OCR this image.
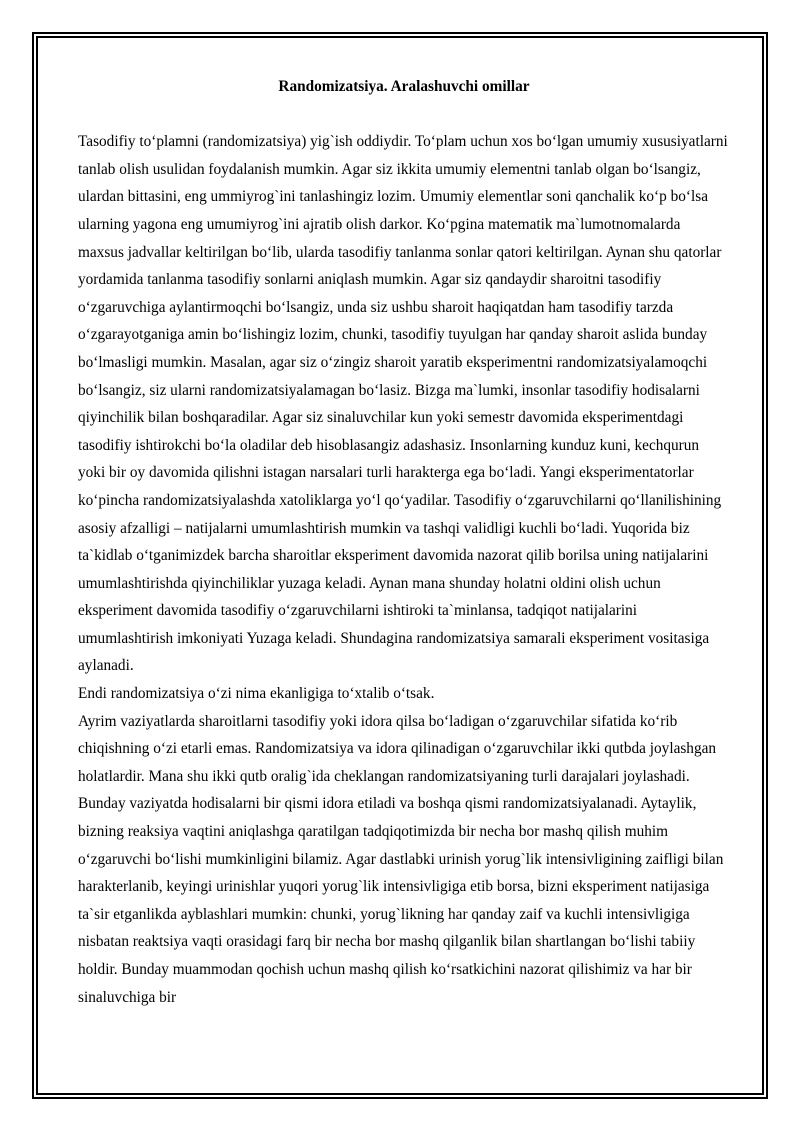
Randomizatsiya. Aralashuvchi omillar

Tasodifiy to‘plamni (randomizatsiya) yig`ish oddiydir. To‘plam uchun xos bo‘lgan umumiy xususiyatlarni tanlab olish usulidan foydalanish mumkin. Agar siz ikkita umumiy elementni tanlab olgan bo‘lsangiz, ulardan bittasini, eng ummiyrog`ini tanlashingiz lozim. Umumiy elementlar soni qanchalik ko‘p bo‘lsa ularning yagona eng umumiyrog`ini ajratib olish darkor. Ko‘pgina matematik ma`lumotnomalarda maxsus jadvallar keltirilgan bo‘lib, ularda tasodifiy tanlanma sonlar qatori keltirilgan. Aynan shu qatorlar yordamida tanlanma tasodifiy sonlarni aniqlash mumkin. Agar siz qandaydir sharoitni tasodifiy o‘zgaruvchiga aylantirmoqchi bo‘lsangiz, unda siz ushbu sharoit haqiqatdan ham tasodifiy tarzda o‘zgarayotganiga amin bo‘lishingiz lozim, chunki, tasodifiy tuyulgan har qanday sharoit aslida bunday bo‘lmasligi mumkin. Masalan, agar siz o‘zingiz sharoit yaratib eksperimentni randomizatsiyalamoqchi bo‘lsangiz, siz ularni randomizatsiyalamagan bo‘lasiz. Bizga ma`lumki, insonlar tasodifiy hodisalarni qiyinchilik bilan boshqaradilar. Agar siz sinaluvchilar kun yoki semestr davomida eksperimentdagi tasodifiy ishtirokchi bo‘la oladilar deb hisoblasangiz adashasiz. Insonlarning kunduz kuni, kechqurun yoki bir oy davomida qilishni istagan narsalari turli harakterga ega bo‘ladi. Yangi eksperimentatorlar ko‘pincha randomizatsiyalashda xatoliklarga yo‘l qo‘yadilar. Tasodifiy o‘zgaruvchilarni qo‘llanilishining asosiy afzalligi – natijalarni umumlashtirish mumkin va tashqi validligi kuchli bo‘ladi. Yuqorida biz ta`kidlab o‘tganimizdek barcha sharoitlar eksperiment davomida nazorat qilib borilsa uning natijalarini umumlashtirishda qiyinchiliklar yuzaga keladi. Aynan mana shunday holatni oldini olish uchun eksperiment davomida tasodifiy o‘zgaruvchilarni ishtiroki ta`minlansa, tadqiqot natijalarini umumlashtirish imkoniyati Yuzaga keladi. Shundagina randomizatsiya samarali eksperiment vositasiga aylanadi.

Endi randomizatsiya o‘zi nima ekanligiga to‘xtalib o‘tsak.

Ayrim vaziyatlarda sharoitlarni tasodifiy yoki idora qilsa bo‘ladigan o‘zgaruvchilar sifatida ko‘rib chiqishning o‘zi etarli emas. Randomizatsiya va idora qilinadigan o‘zgaruvchilar ikki qutbda joylashgan holatlardir. Mana shu ikki qutb oralig`ida cheklangan randomizatsiyaning turli darajalari joylashadi. Bunday vaziyatda hodisalarni bir qismi idora etiladi va boshqa qismi randomizatsiyalanadi. Aytaylik, bizning reaksiya vaqtini aniqlashga qaratilgan tadqiqotimizda bir necha bor mashq qilish muhim o‘zgaruvchi bo‘lishi mumkinligini bilamiz. Agar dastlabki urinish yorug`lik intensivligining zaifligi bilan harakterlanib, keyingi urinishlar yuqori yorug`lik intensivligiga etib borsa, bizni eksperiment natijasiga ta`sir etganlikda ayblashlari mumkin: chunki, yorug`likning har qanday zaif va kuchli intensivligiga nisbatan reaktsiya vaqti orasidagi farq bir necha bor mashq qilganlik bilan shartlangan bo‘lishi tabiiy holdir. Bunday muammodan qochish uchun mashq qilish ko‘rsatkichini nazorat qilishimiz va har bir sinaluvchiga bir
